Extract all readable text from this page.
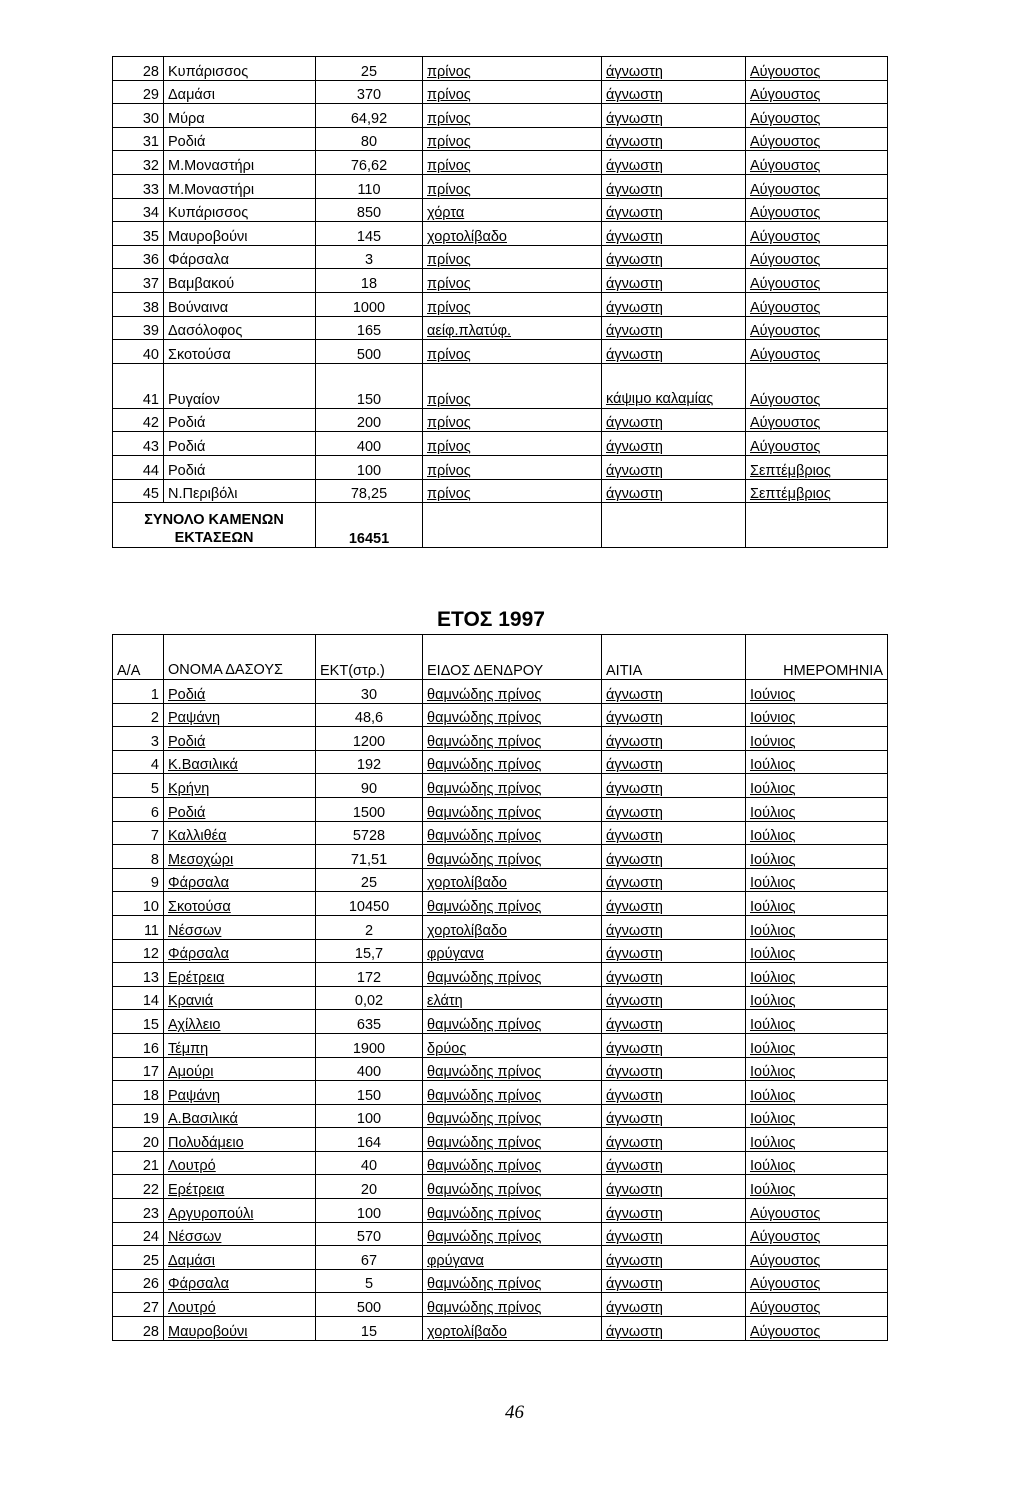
28	Κυπάρισσος	25	πρίνος	άγνωστη	Αύγουστος
29	Δαμάσι	370	πρίνος	άγνωστη	Αύγουστος
30	Μύρα	64,92	πρίνος	άγνωστη	Αύγουστος
31	Ροδιά	80	πρίνος	άγνωστη	Αύγουστος
32	Μ.Μοναστήρι	76,62	πρίνος	άγνωστη	Αύγουστος
33	Μ.Μοναστήρι	110	πρίνος	άγνωστη	Αύγουστος
34	Κυπάρισσος	850	χόρτα	άγνωστη	Αύγουστος
35	Μαυροβούνι	145	χορτολίβαδο	άγνωστη	Αύγουστος
36	Φάρσαλα	3	πρίνος	άγνωστη	Αύγουστος
37	Βαμβακού	18	πρίνος	άγνωστη	Αύγουστος
38	Βούναινα	1000	πρίνος	άγνωστη	Αύγουστος
39	Δασόλοφος	165	αείφ.πλατύφ.	άγνωστη	Αύγουστος
40	Σκοτούσα	500	πρίνος	άγνωστη	Αύγουστος
41	Ρυγαίον	150	πρίνος	κάψιμο καλαμίας	Αύγουστος
42	Ροδιά	200	πρίνος	άγνωστη	Αύγουστος
43	Ροδιά	400	πρίνος	άγνωστη	Αύγουστος
44	Ροδιά	100	πρίνος	άγνωστη	Σεπτέμβριος
45	Ν.Περιβόλι	78,25	πρίνος	άγνωστη	Σεπτέμβριος
ΣΥΝΟΛΟ ΚΑΜΕΝΩΝ ΕΚΤΑΣΕΩΝ		16451			
ΕΤΟΣ 1997
Α/Α	ΟΝΟΜΑ ΔΑΣΟΥΣ	ΕΚΤ(στρ.)	ΕΙΔΟΣ ΔΕΝΔΡΟΥ	ΑΙΤΙΑ	ΗΜΕΡΟΜΗΝΙΑ
1	Ροδιά	30	θαμνώδης πρίνος	άγνωστη	Ιούνιος
2	Ραψάνη	48,6	θαμνώδης πρίνος	άγνωστη	Ιούνιος
3	Ροδιά	1200	θαμνώδης πρίνος	άγνωστη	Ιούνιος
4	Κ.Βασιλικά	192	θαμνώδης πρίνος	άγνωστη	Ιούλιος
5	Κρήνη	90	θαμνώδης πρίνος	άγνωστη	Ιούλιος
6	Ροδιά	1500	θαμνώδης πρίνος	άγνωστη	Ιούλιος
7	Καλλιθέα	5728	θαμνώδης πρίνος	άγνωστη	Ιούλιος
8	Μεσοχώρι	71,51	θαμνώδης πρίνος	άγνωστη	Ιούλιος
9	Φάρσαλα	25	χορτολίβαδο	άγνωστη	Ιούλιος
10	Σκοτούσα	10450	θαμνώδης πρίνος	άγνωστη	Ιούλιος
11	Νέσσων	2	χορτολίβαδο	άγνωστη	Ιούλιος
12	Φάρσαλα	15,7	φρύγανα	άγνωστη	Ιούλιος
13	Ερέτρεια	172	θαμνώδης πρίνος	άγνωστη	Ιούλιος
14	Κρανιά	0,02	ελάτη	άγνωστη	Ιούλιος
15	Αχίλλειο	635	θαμνώδης πρίνος	άγνωστη	Ιούλιος
16	Τέμπη	1900	δρύος	άγνωστη	Ιούλιος
17	Αμούρι	400	θαμνώδης πρίνος	άγνωστη	Ιούλιος
18	Ραψάνη	150	θαμνώδης πρίνος	άγνωστη	Ιούλιος
19	Α.Βασιλικά	100	θαμνώδης πρίνος	άγνωστη	Ιούλιος
20	Πολυδάμειο	164	θαμνώδης πρίνος	άγνωστη	Ιούλιος
21	Λουτρό	40	θαμνώδης πρίνος	άγνωστη	Ιούλιος
22	Ερέτρεια	20	θαμνώδης πρίνος	άγνωστη	Ιούλιος
23	Αργυροπούλι	100	θαμνώδης πρίνος	άγνωστη	Αύγουστος
24	Νέσσων	570	θαμνώδης πρίνος	άγνωστη	Αύγουστος
25	Δαμάσι	67	φρύγανα	άγνωστη	Αύγουστος
26	Φάρσαλα	5	θαμνώδης πρίνος	άγνωστη	Αύγουστος
27	Λουτρό	500	θαμνώδης πρίνος	άγνωστη	Αύγουστος
28	Μαυροβούνι	15	χορτολίβαδο	άγνωστη	Αύγουστος
46
